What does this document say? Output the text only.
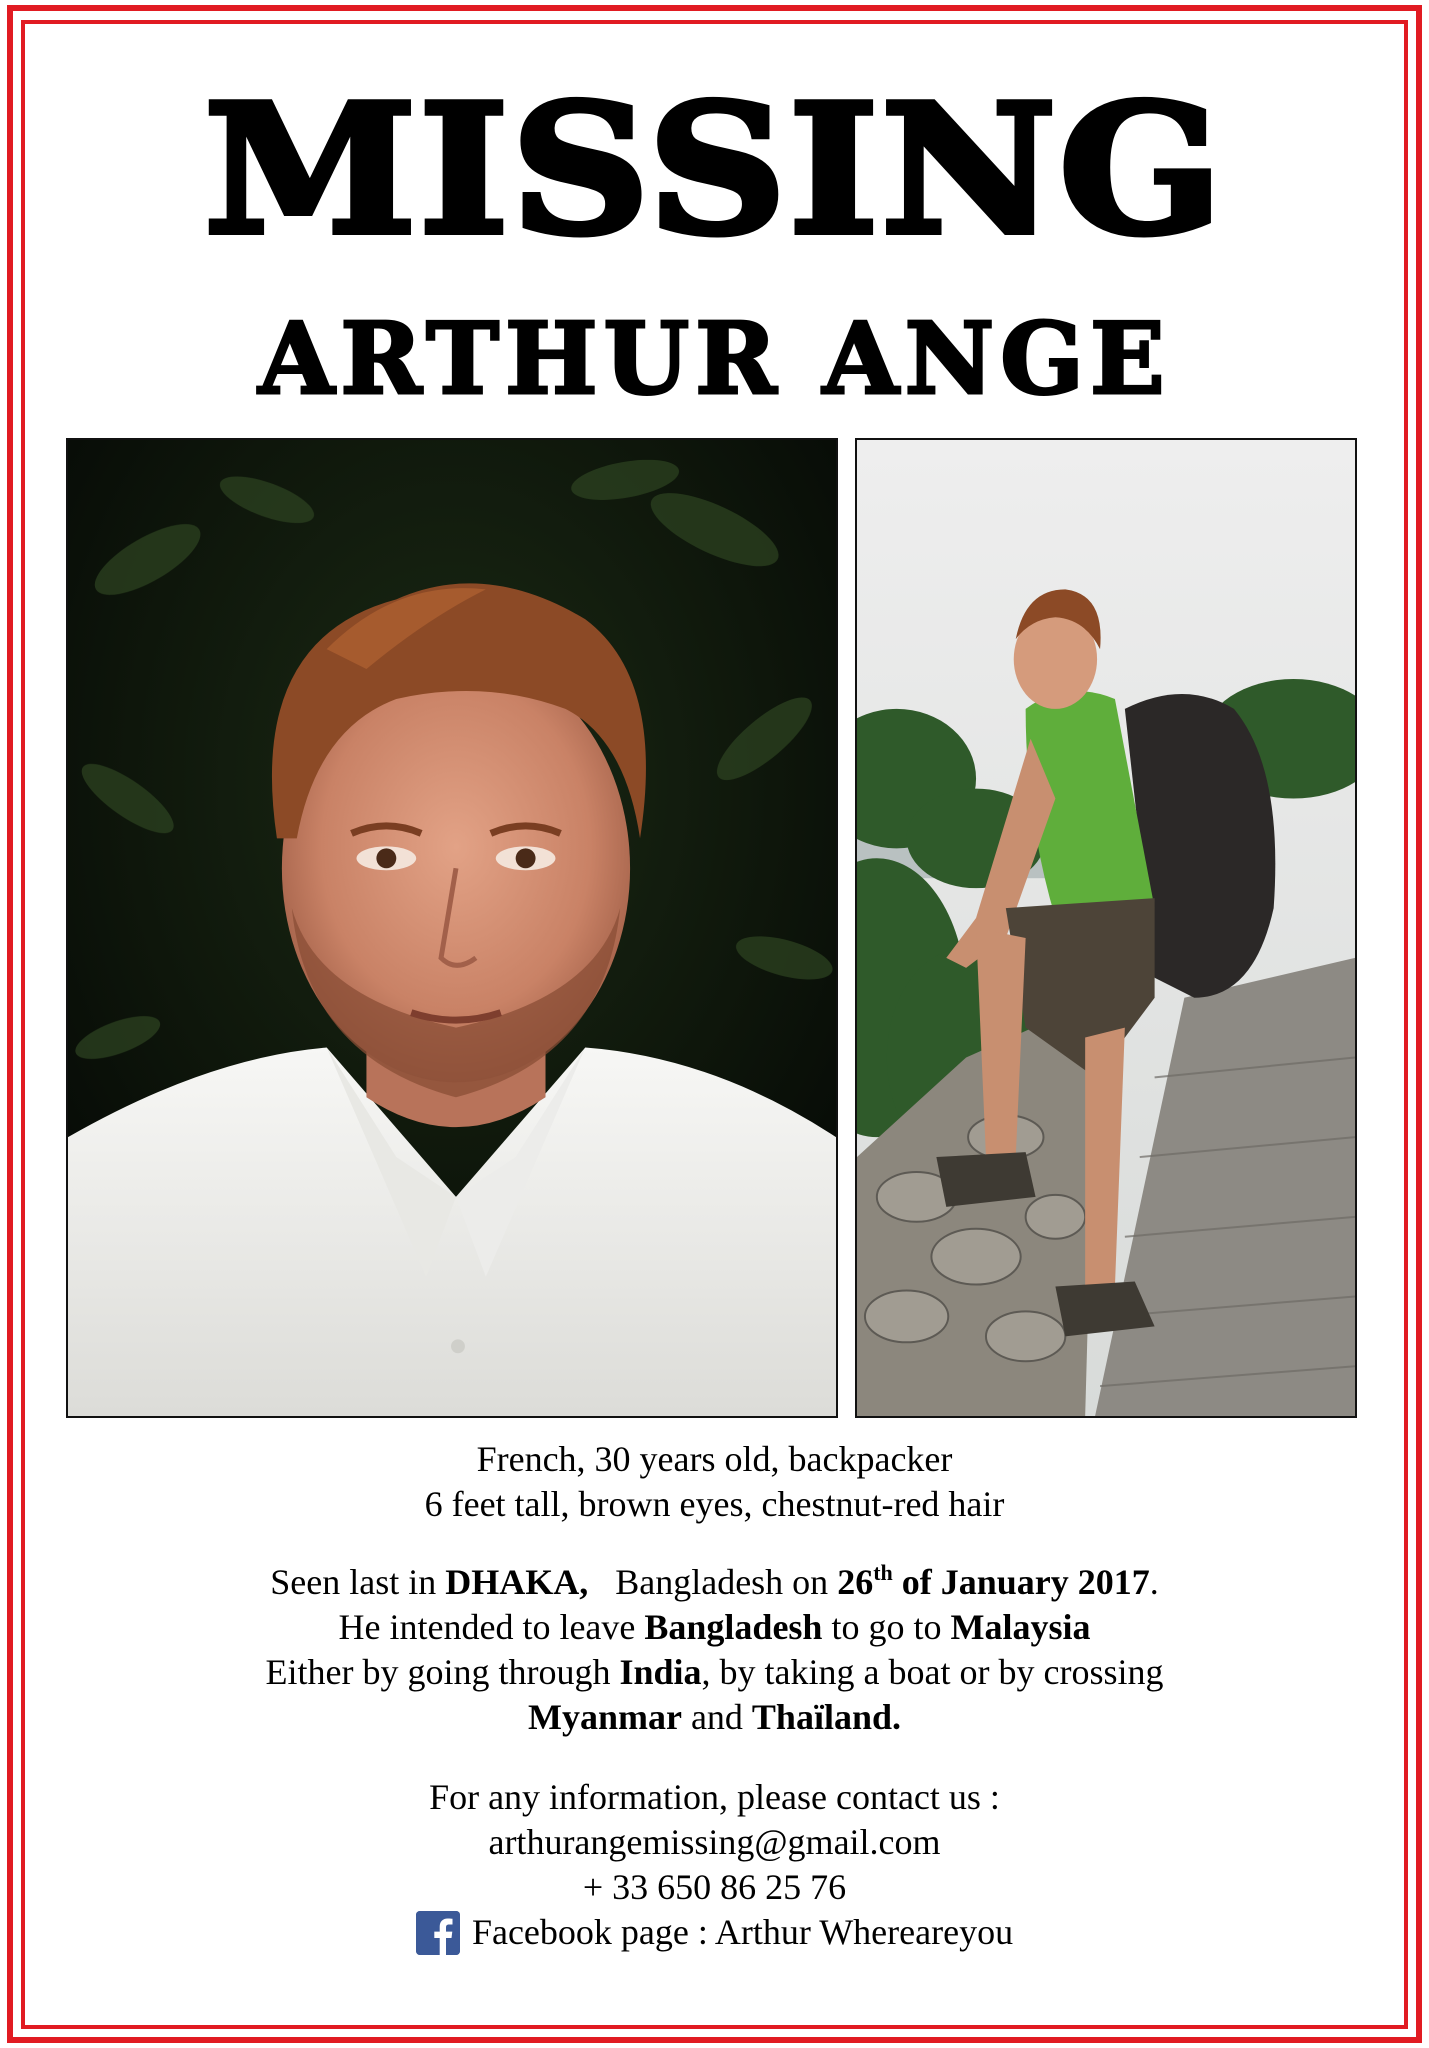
MISSING
ARTHUR ANGE

French, 30 years old, backpacker

6 feet tall, brown eyes, chestnut-red hair

Seen last in DHAKA, Bangladesh on 26th of January 2017.

He intended to leave Bangladesh to go to Malaysia

Either by going through India, by taking a boat or by crossing

Myanmar and Thaïland.

For any information, please contact us :

arthurangemissing@gmail.com

+ 33 650 86 25 76

Facebook page : Arthur Whereareyou
